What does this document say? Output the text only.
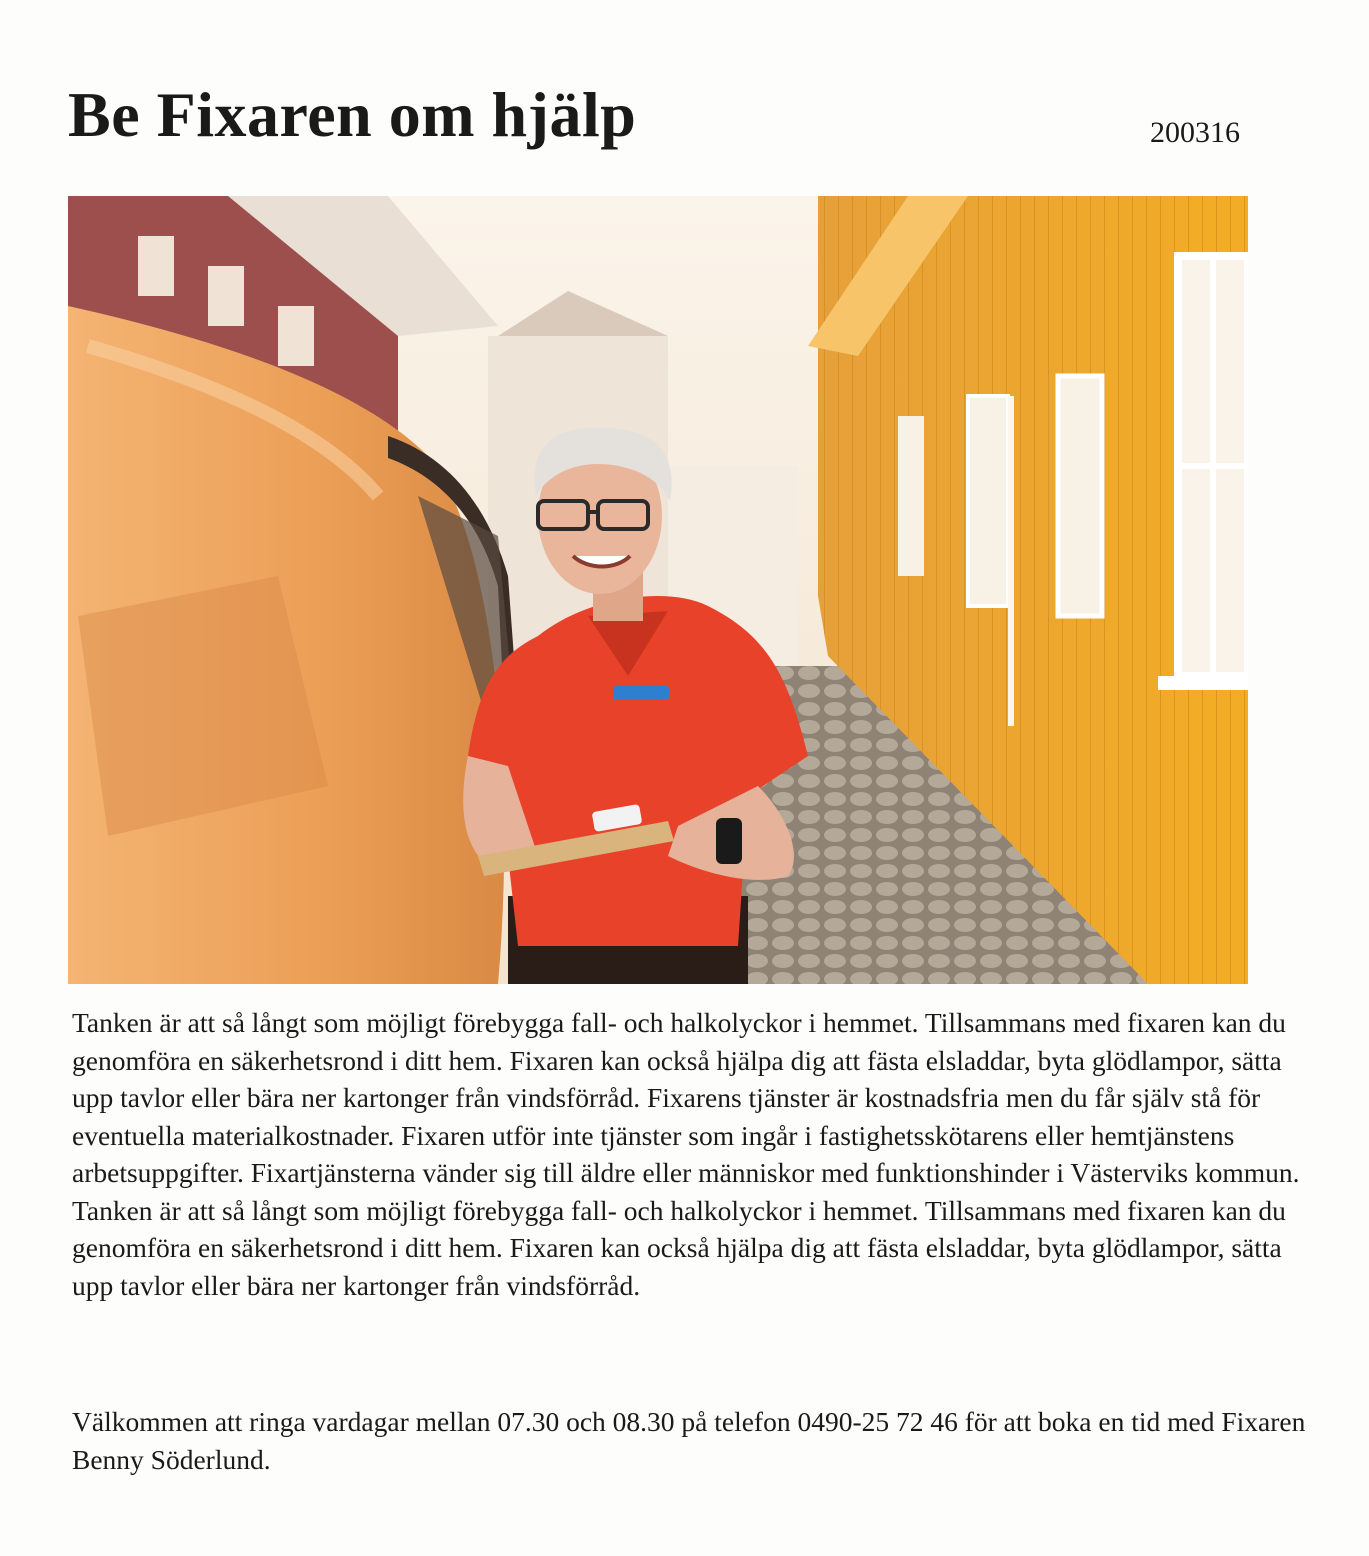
Be Fixaren om hjälp	200316

Tanken är att så långt som möjligt förebygga fall- och halkolyckor i hemmet. Tillsammans med fixaren kan du genomföra en säkerhetsrond i ditt hem. Fixaren kan också hjälpa dig att fästa elsladdar, byta glödlampor, sätta upp tavlor eller bära ner kartonger från vindsförråd. Fixarens tjänster är kostnadsfria men du får själv stå för eventuella materialkostnader. Fixaren utför inte tjänster som ingår i fastighetsskötarens eller hemtjänstens arbetsuppgifter. Fixartjänsterna vänder sig till äldre eller människor med funktionshinder i Västerviks kommun. Tanken är att så långt som möjligt förebygga fall- och halkolyckor i hemmet. Tillsammans med fixaren kan du genomföra en säkerhetsrond i ditt hem. Fixaren kan också hjälpa dig att fästa elsladdar, byta glödlampor, sätta upp tavlor eller bära ner kartonger från vindsförråd.

Välkommen att ringa vardagar mellan 07.30 och 08.30 på telefon 0490-25 72 46 för att boka en tid med Fixaren Benny Söderlund.
